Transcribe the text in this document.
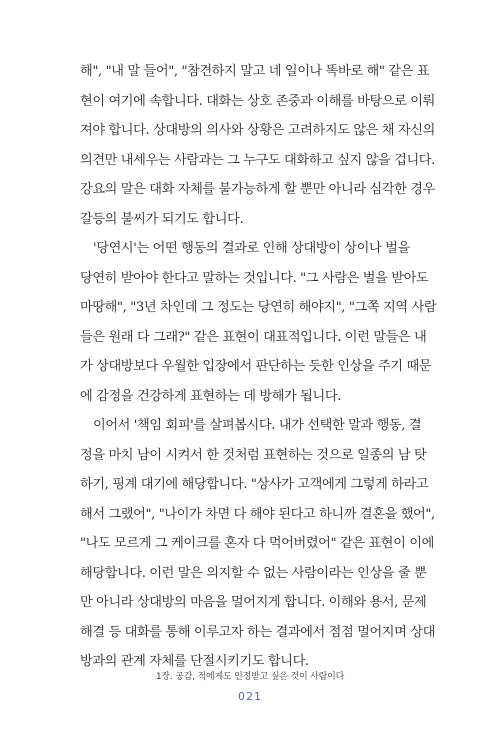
해", "내 말 들어", "참견하지 말고 네 일이나 똑바로 해" 같은 표
현이 여기에 속합니다. 대화는 상호 존중과 이해를 바탕으로 이뤄
져야 합니다. 상대방의 의사와 상황은 고려하지도 않은 채 자신의
의견만 내세우는 사람과는 그 누구도 대화하고 싶지 않을 겁니다.
강요의 말은 대화 자체를 불가능하게 할 뿐만 아니라 심각한 경우
갈등의 불씨가 되기도 합니다.
'당연시'는 어떤 행동의 결과로 인해 상대방이 상이나 벌을
당연히 받아야 한다고 말하는 것입니다. "그 사람은 벌을 받아도
마땅해", "3년 차인데 그 정도는 당연히 해야지", "그쪽 지역 사람
들은 원래 다 그래?" 같은 표현이 대표적입니다. 이런 말들은 내
가 상대방보다 우월한 입장에서 판단하는 듯한 인상을 주기 때문
에 감정을 건강하게 표현하는 데 방해가 됩니다.
이어서 '책임 회피'를 살펴봅시다. 내가 선택한 말과 행동, 결
정을 마치 남이 시켜서 한 것처럼 표현하는 것으로 일종의 남 탓
하기, 핑계 대기에 해당합니다. "상사가 고객에게 그렇게 하라고
해서 그랬어", "나이가 차면 다 해야 된다고 하니까 결혼을 했어",
"나도 모르게 그 케이크를 혼자 다 먹어버렸어" 같은 표현이 이에
해당합니다. 이런 말은 의지할 수 없는 사람이라는 인상을 줄 뿐
만 아니라 상대방의 마음을 멀어지게 합니다. 이해와 용서, 문제
해결 등 대화를 통해 이루고자 하는 결과에서 점점 멀어지며 상대
방과의 관계 자체를 단절시키기도 합니다.
1장. 공감, 적에게도 인정받고 싶은 것이 사람이다
021
